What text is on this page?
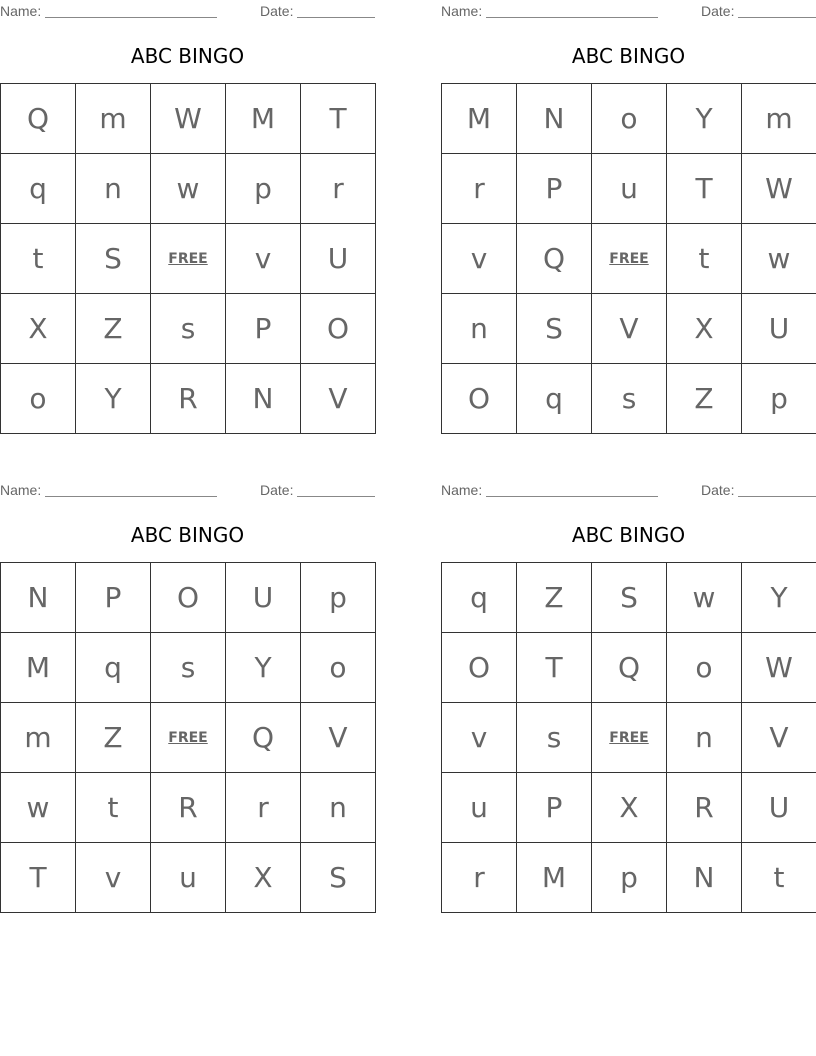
Name:	Date:
ABC BINGO
Q	m	W	M	T
q	n	w	p	r
t	S	FREE	v	U
X	Z	s	P	O
o	Y	R	N	V
Name:	Date:
ABC BINGO
M	N	o	Y	m
r	P	u	T	W
v	Q	FREE	t	w
n	S	V	X	U
O	q	s	Z	p
Name:	Date:
ABC BINGO
N	P	O	U	p
M	q	s	Y	o
m	Z	FREE	Q	V
w	t	R	r	n
T	v	u	X	S
Name:	Date:
ABC BINGO
q	Z	S	w	Y
O	T	Q	o	W
v	s	FREE	n	V
u	P	X	R	U
r	M	p	N	t
